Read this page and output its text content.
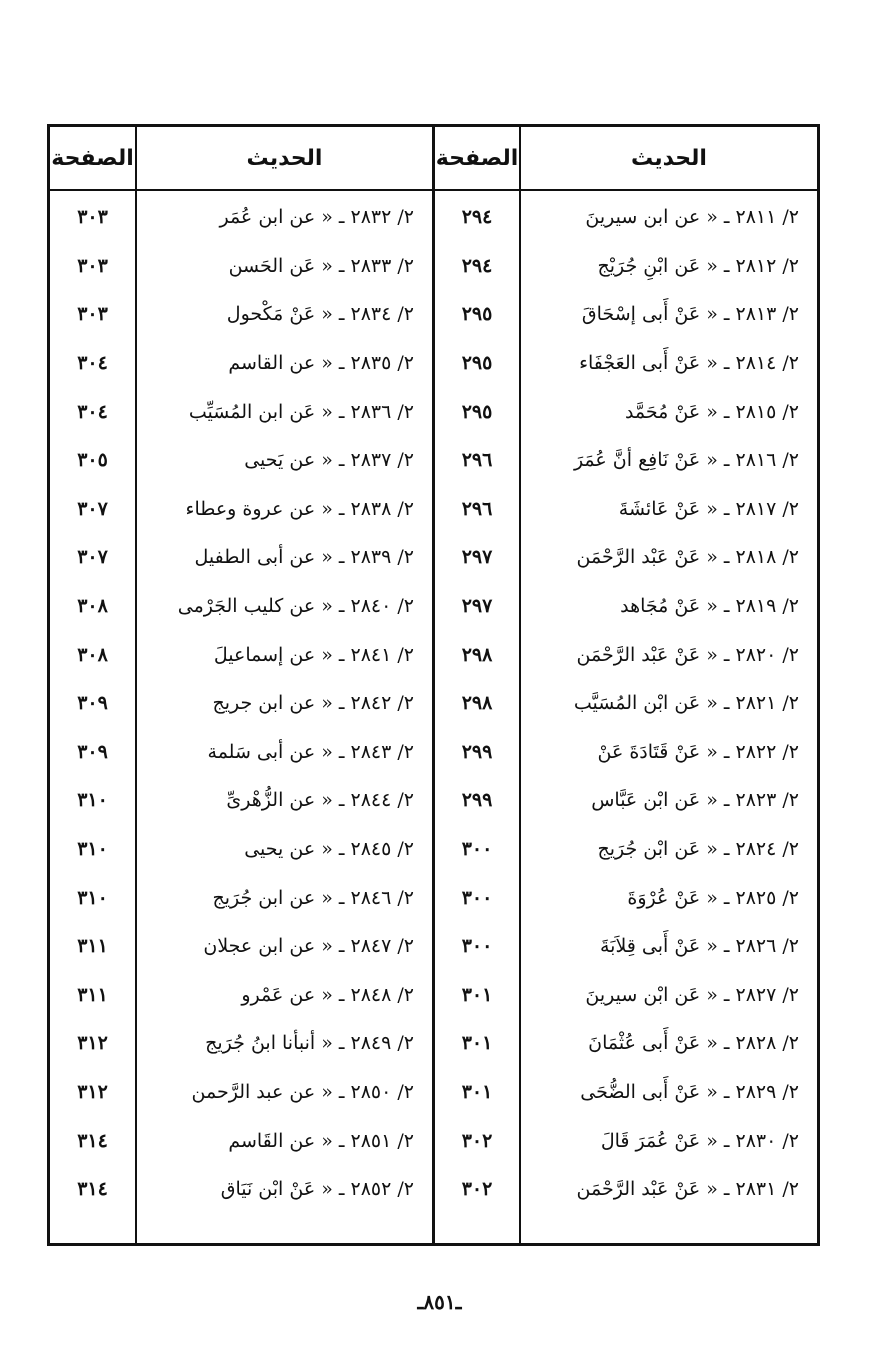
الحديث
٢/ ٢٨١١ ـ « عن ابن سيرينَ
٢/ ٢٨١٢ ـ « عَن ابْنِ جُرَيْج
٢/ ٢٨١٣ ـ « عَنْ أَبى إسْحَاقَ
٢/ ٢٨١٤ ـ « عَنْ أَبى العَجْفَاء
٢/ ٢٨١٥ ـ « عَنْ مُحَمَّد
٢/ ٢٨١٦ ـ « عَنْ نَافِع أنَّ عُمَرَ
٢/ ٢٨١٧ ـ « عَنْ عَائشَةَ
٢/ ٢٨١٨ ـ « عَنْ عَبْد الرَّحْمَن
٢/ ٢٨١٩ ـ « عَنْ مُجَاهد
٢/ ٢٨٢٠ ـ « عَنْ عَبْد الرَّحْمَن
٢/ ٢٨٢١ ـ « عَن ابْن المُسَيَّب
٢/ ٢٨٢٢ ـ « عَنْ قَتَادَةَ عَنْ
٢/ ٢٨٢٣ ـ « عَن ابْن عَبَّاس
٢/ ٢٨٢٤ ـ « عَن ابْن جُرَيج
٢/ ٢٨٢٥ ـ « عَنْ عُرْوَةَ
٢/ ٢٨٢٦ ـ « عَنْ أَبى قِلاَبَةَ
٢/ ٢٨٢٧ ـ « عَن ابْن سيرينَ
٢/ ٢٨٢٨ ـ « عَنْ أَبى عُثْمَانَ
٢/ ٢٨٢٩ ـ « عَنْ أَبى الضُّحَى
٢/ ٢٨٣٠ ـ « عَنْ عُمَرَ قَالَ
٢/ ٢٨٣١ ـ « عَنْ عَبْد الرَّحْمَن
الصفحة
٢٩٤
٢٩٤
٢٩٥
٢٩٥
٢٩٥
٢٩٦
٢٩٦
٢٩٧
٢٩٧
٢٩٨
٢٩٨
٢٩٩
٢٩٩
٣٠٠
٣٠٠
٣٠٠
٣٠١
٣٠١
٣٠١
٣٠٢
٣٠٢
الحديث
٢/ ٢٨٣٢ ـ « عن ابن عُمَر
٢/ ٢٨٣٣ ـ « عَن الحَسن
٢/ ٢٨٣٤ ـ « عَنْ مَكْحول
٢/ ٢٨٣٥ ـ « عن القاسم
٢/ ٢٨٣٦ ـ « عَن ابن المُسَيِّب
٢/ ٢٨٣٧ ـ « عن يَحيى
٢/ ٢٨٣٨ ـ « عن عروة وعطاء
٢/ ٢٨٣٩ ـ « عن أبى الطفيل
٢/ ٢٨٤٠ ـ « عن كليب الجَرْمى
٢/ ٢٨٤١ ـ « عن إسماعيلَ
٢/ ٢٨٤٢ ـ « عن ابن جريج
٢/ ٢٨٤٣ ـ « عن أبى سَلمة
٢/ ٢٨٤٤ ـ « عن الزُّهْرىِّ
٢/ ٢٨٤٥ ـ « عن يحيى
٢/ ٢٨٤٦ ـ « عن ابن جُرَيج
٢/ ٢٨٤٧ ـ « عن ابن عجلان
٢/ ٢٨٤٨ ـ « عن عَمْرو
٢/ ٢٨٤٩ ـ « أنبأنا ابنُ جُرَيج
٢/ ٢٨٥٠ ـ « عن عبد الرَّحمن
٢/ ٢٨٥١ ـ « عن القَاسم
٢/ ٢٨٥٢ ـ « عَنْ ابْن نَيَاق
الصفحة
٣٠٣
٣٠٣
٣٠٣
٣٠٤
٣٠٤
٣٠٥
٣٠٧
٣٠٧
٣٠٨
٣٠٨
٣٠٩
٣٠٩
٣١٠
٣١٠
٣١٠
٣١١
٣١١
٣١٢
٣١٢
٣١٤
٣١٤
ـ٨٥١ـ
